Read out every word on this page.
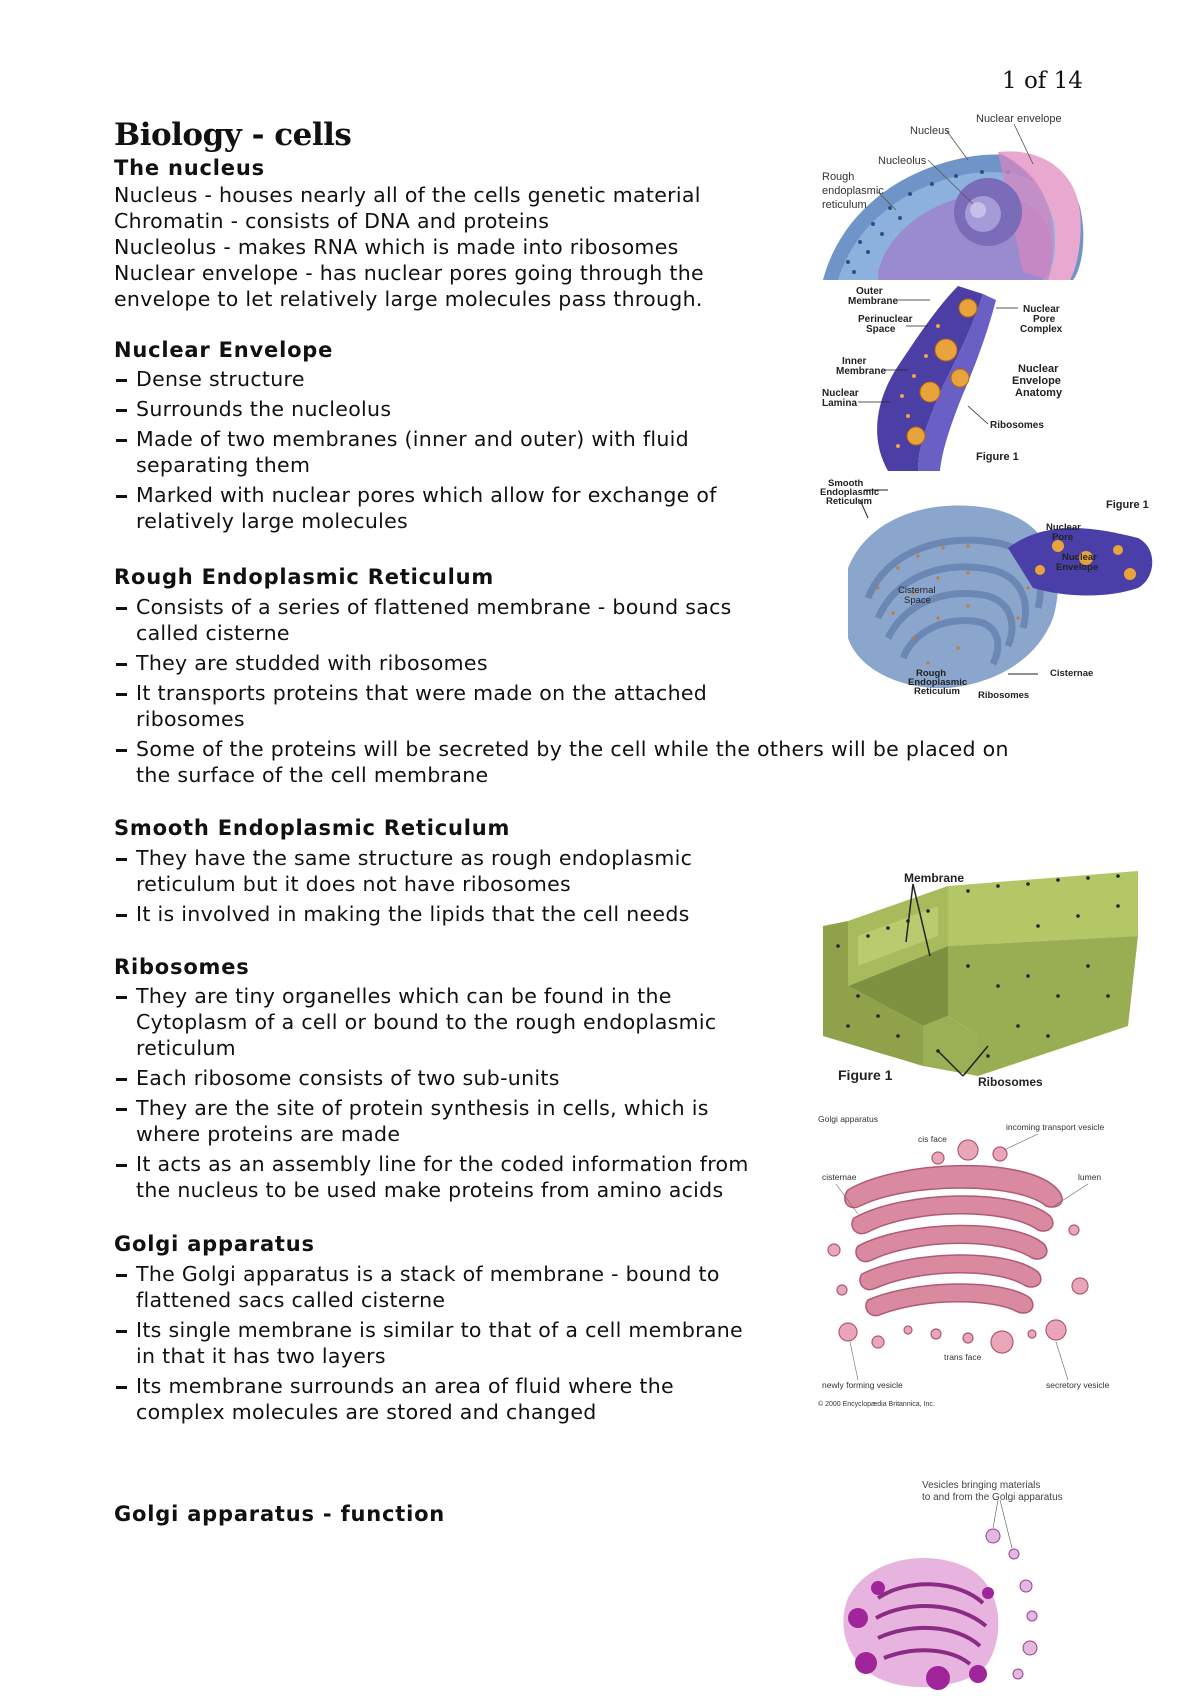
1 of 14
Biology - cells
The nucleus
Nucleus - houses nearly all of the cells genetic material
Chromatin - consists of DNA and proteins
Nucleolus - makes RNA which is made into ribosomes
Nuclear envelope - has nuclear pores going through the
envelope to let relatively large molecules pass through.
Nuclear Envelope
Dense structure
Surrounds the nucleolus
Made of two membranes (inner and outer) with fluid
separating them
Marked with nuclear pores which allow for exchange of
relatively large molecules
Rough Endoplasmic Reticulum
Consists of a series of flattened membrane - bound sacs
called cisterne
They are studded with ribosomes
It transports proteins that were made on the attached
ribosomes
Some of the proteins will be secreted by the cell while the others will be placed on
the surface of the cell membrane
Smooth Endoplasmic Reticulum
They have the same structure as rough endoplasmic
reticulum but it does not have ribosomes
It is involved in making the lipids that the cell needs
Ribosomes
They are tiny organelles which can be found in the
Cytoplasm of a cell or bound to the rough endoplasmic
reticulum
Each ribosome consists of two sub-units
They are the site of protein synthesis in cells, which is
where proteins are made
It acts as an assembly line for the coded information from
the nucleus to be used make proteins from amino acids
Golgi apparatus
The Golgi apparatus is a stack of membrane - bound to
flattened sacs called cisterne
Its single membrane is similar to that of a cell membrane
in that it has two layers
Its membrane surrounds an area of fluid where the
complex molecules are stored and changed
Golgi apparatus - function
Nucleus
Nuclear envelope
Nucleolus
Rough
endoplasmic
reticulum
Outer
Membrane
Perinuclear
Space
Inner
Membrane
Nuclear
Lamina
Nuclear
Pore
Complex
Nuclear
Envelope
Anatomy
Ribosomes
Figure 1
Smooth
Endoplasmic
Reticulum	Figure 1
Nuclear
Pore
Nuclear
Envelope
Cisternal
Space
Rough
Endoplasmic
Reticulum Ribosomes
Cisternae
Membrane
Figure 1	Ribosomes
Golgi apparatus
cis face
incoming transport vesicle
cisternae	lumen
trans face
newly forming vesicle	secretory vesicle
© 2000 Encyclopædia Britannica, Inc.
Vesicles bringing materials
to and from the Golgi apparatus
